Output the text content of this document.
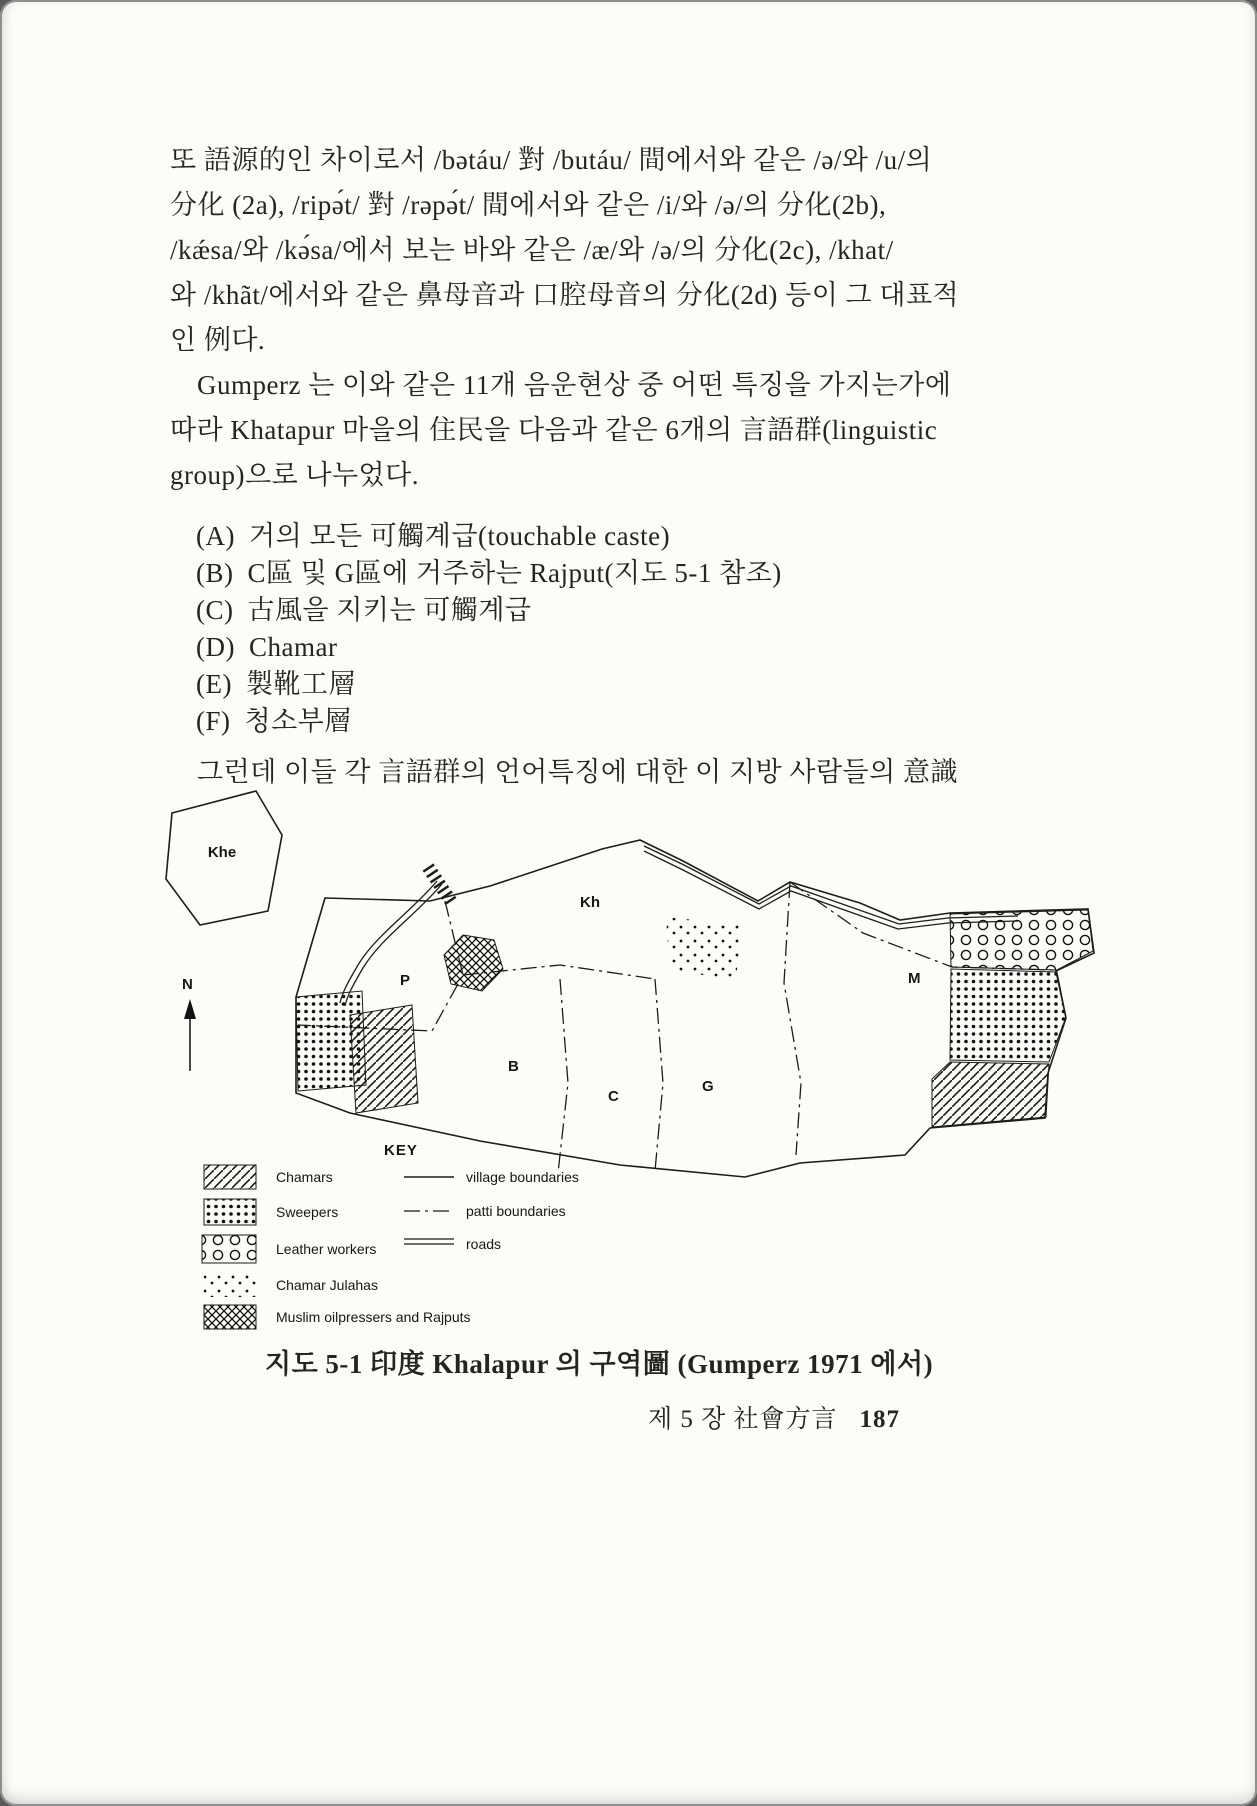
또 語源的인 차이로서 /bətáu/ 對 /butáu/ 間에서와 같은 /ə/와 /u/의
分化 (2a), /ripə́t/ 對 /rəpə́t/ 間에서와 같은 /i/와 /ə/의 分化(2b),
/kǽsa/와 /kə́sa/에서 보는 바와 같은 /æ/와 /ə/의 分化(2c), /khat/
와 /khãt/에서와 같은 鼻母音과 口腔母音의 分化(2d) 등이 그 대표적
인 例다.
Gumperz 는 이와 같은 11개 음운현상 중 어떤 특징을 가지는가에
따라 Khatapur 마을의 住民을 다음과 같은 6개의 言語群(linguistic
group)으로 나누었다.
(A) 거의 모든 可觸계급(touchable caste)
(B) C區 및 G區에 거주하는 Rajput(지도 5-1 참조)
(C) 古風을 지키는 可觸계급
(D) Chamar
(E) 製靴工層
(F) 청소부層
그런데 이들 각 言語群의 언어특징에 대한 이 지방 사람들의 意識
Khe
N
Kh
P
B
C
G
M
KEY
Chamars
Sweepers
Leather workers
Chamar Julahas
Muslim oilpressers and Rajputs
village boundaries
patti boundaries
roads
지도 5-1 印度 Khalapur 의 구역圖 (Gumperz 1971 에서)
제 5 장 社會方言 187
